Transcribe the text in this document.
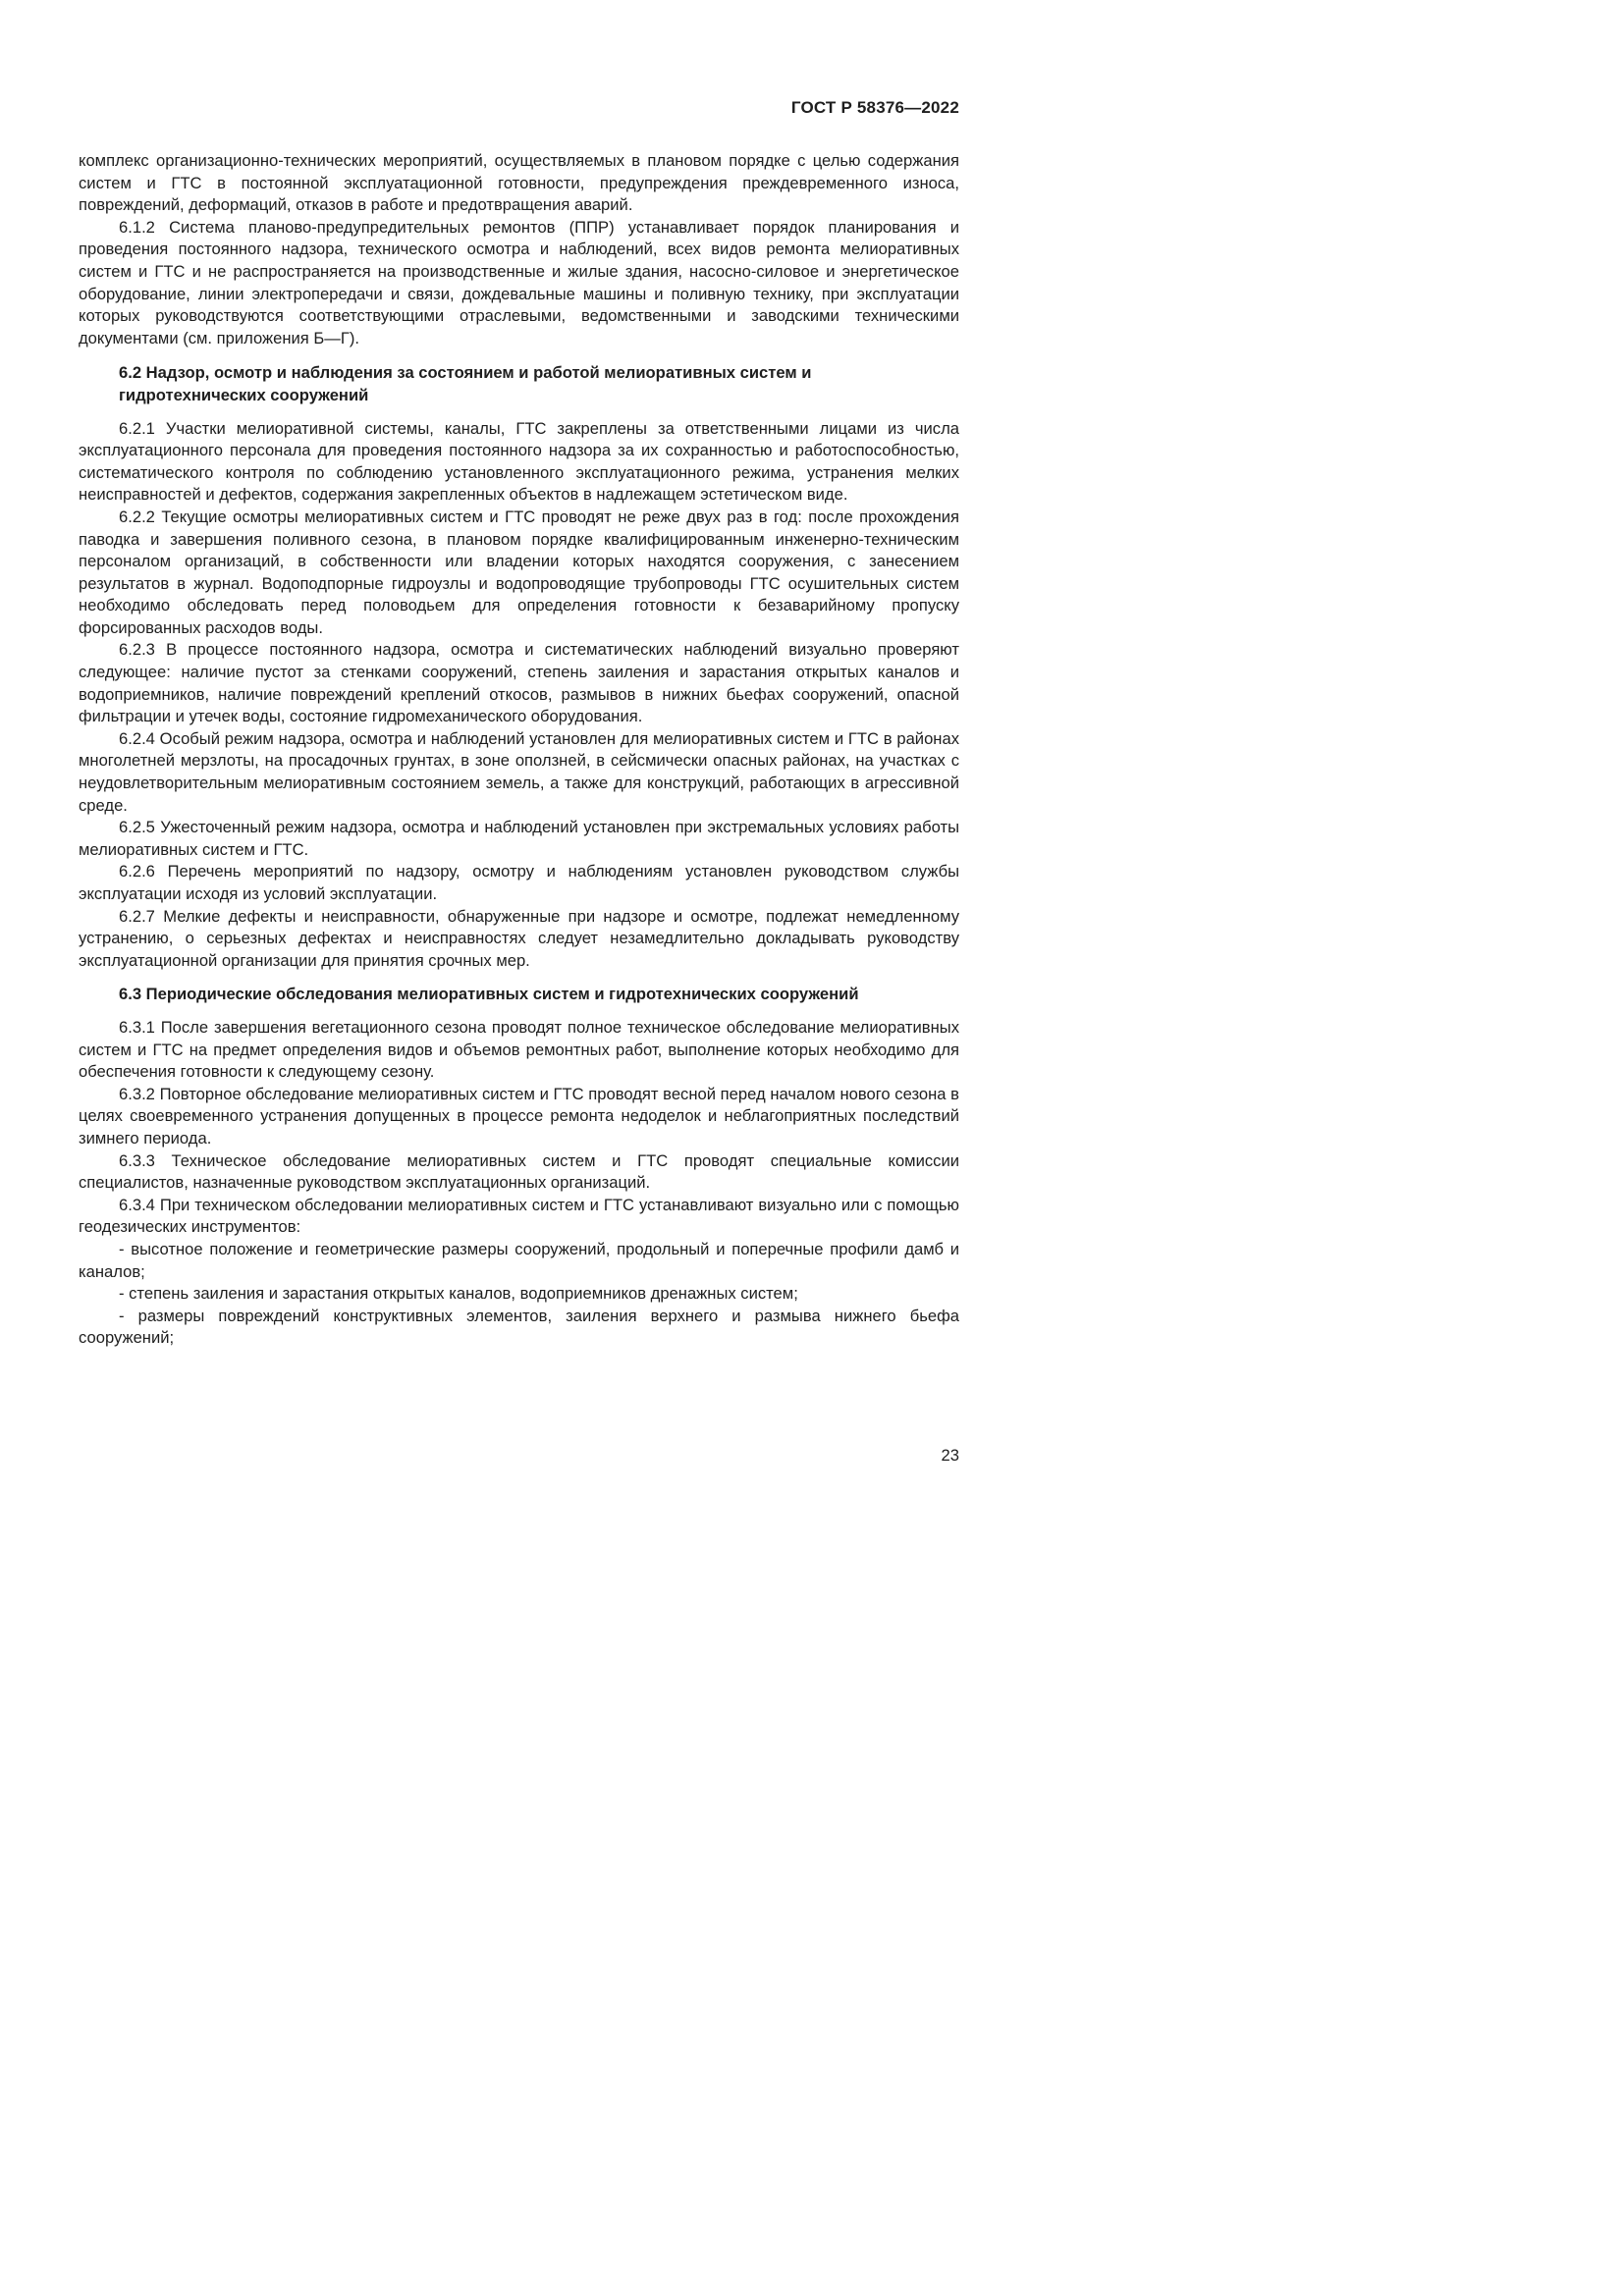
ГОСТ Р 58376—2022

комплекс организационно-технических мероприятий, осуществляемых в плановом порядке с целью содержания систем и ГТС в постоянной эксплуатационной готовности, предупреждения преждевременного износа, повреждений, деформаций, отказов в работе и предотвращения аварий.

6.1.2 Система планово-предупредительных ремонтов (ППР) устанавливает порядок планирования и проведения постоянного надзора, технического осмотра и наблюдений, всех видов ремонта мелиоративных систем и ГТС и не распространяется на производственные и жилые здания, насосно-силовое и энергетическое оборудование, линии электропередачи и связи, дождевальные машины и поливную технику, при эксплуатации которых руководствуются соответствующими отраслевыми, ведомственными и заводскими техническими документами (см. приложения Б—Г).

6.2 Надзор, осмотр и наблюдения за состоянием и работой мелиоративных систем и гидротехнических сооружений

6.2.1 Участки мелиоративной системы, каналы, ГТС закреплены за ответственными лицами из числа эксплуатационного персонала для проведения постоянного надзора за их сохранностью и работоспособностью, систематического контроля по соблюдению установленного эксплуатационного режима, устранения мелких неисправностей и дефектов, содержания закрепленных объектов в надлежащем эстетическом виде.

6.2.2 Текущие осмотры мелиоративных систем и ГТС проводят не реже двух раз в год: после прохождения паводка и завершения поливного сезона, в плановом порядке квалифицированным инженерно-техническим персоналом организаций, в собственности или владении которых находятся сооружения, с занесением результатов в журнал. Водоподпорные гидроузлы и водопроводящие трубопроводы ГТС осушительных систем необходимо обследовать перед половодьем для определения готовности к безаварийному пропуску форсированных расходов воды.

6.2.3 В процессе постоянного надзора, осмотра и систематических наблюдений визуально проверяют следующее: наличие пустот за стенками сооружений, степень заиления и зарастания открытых каналов и водоприемников, наличие повреждений креплений откосов, размывов в нижних бьефах сооружений, опасной фильтрации и утечек воды, состояние гидромеханического оборудования.

6.2.4 Особый режим надзора, осмотра и наблюдений установлен для мелиоративных систем и ГТС в районах многолетней мерзлоты, на просадочных грунтах, в зоне оползней, в сейсмически опасных районах, на участках с неудовлетворительным мелиоративным состоянием земель, а также для конструкций, работающих в агрессивной среде.

6.2.5 Ужесточенный режим надзора, осмотра и наблюдений установлен при экстремальных условиях работы мелиоративных систем и ГТС.

6.2.6 Перечень мероприятий по надзору, осмотру и наблюдениям установлен руководством службы эксплуатации исходя из условий эксплуатации.

6.2.7 Мелкие дефекты и неисправности, обнаруженные при надзоре и осмотре, подлежат немедленному устранению, о серьезных дефектах и неисправностях следует незамедлительно докладывать руководству эксплуатационной организации для принятия срочных мер.

6.3 Периодические обследования мелиоративных систем и гидротехнических сооружений

6.3.1 После завершения вегетационного сезона проводят полное техническое обследование мелиоративных систем и ГТС на предмет определения видов и объемов ремонтных работ, выполнение которых необходимо для обеспечения готовности к следующему сезону.

6.3.2 Повторное обследование мелиоративных систем и ГТС проводят весной перед началом нового сезона в целях своевременного устранения допущенных в процессе ремонта недоделок и неблагоприятных последствий зимнего периода.

6.3.3 Техническое обследование мелиоративных систем и ГТС проводят специальные комиссии специалистов, назначенные руководством эксплуатационных организаций.

6.3.4 При техническом обследовании мелиоративных систем и ГТС устанавливают визуально или с помощью геодезических инструментов:

- высотное положение и геометрические размеры сооружений, продольный и поперечные профили дамб и каналов;

- степень заиления и зарастания открытых каналов, водоприемников дренажных систем;

- размеры повреждений конструктивных элементов, заиления верхнего и размыва нижнего бьефа сооружений;

23
